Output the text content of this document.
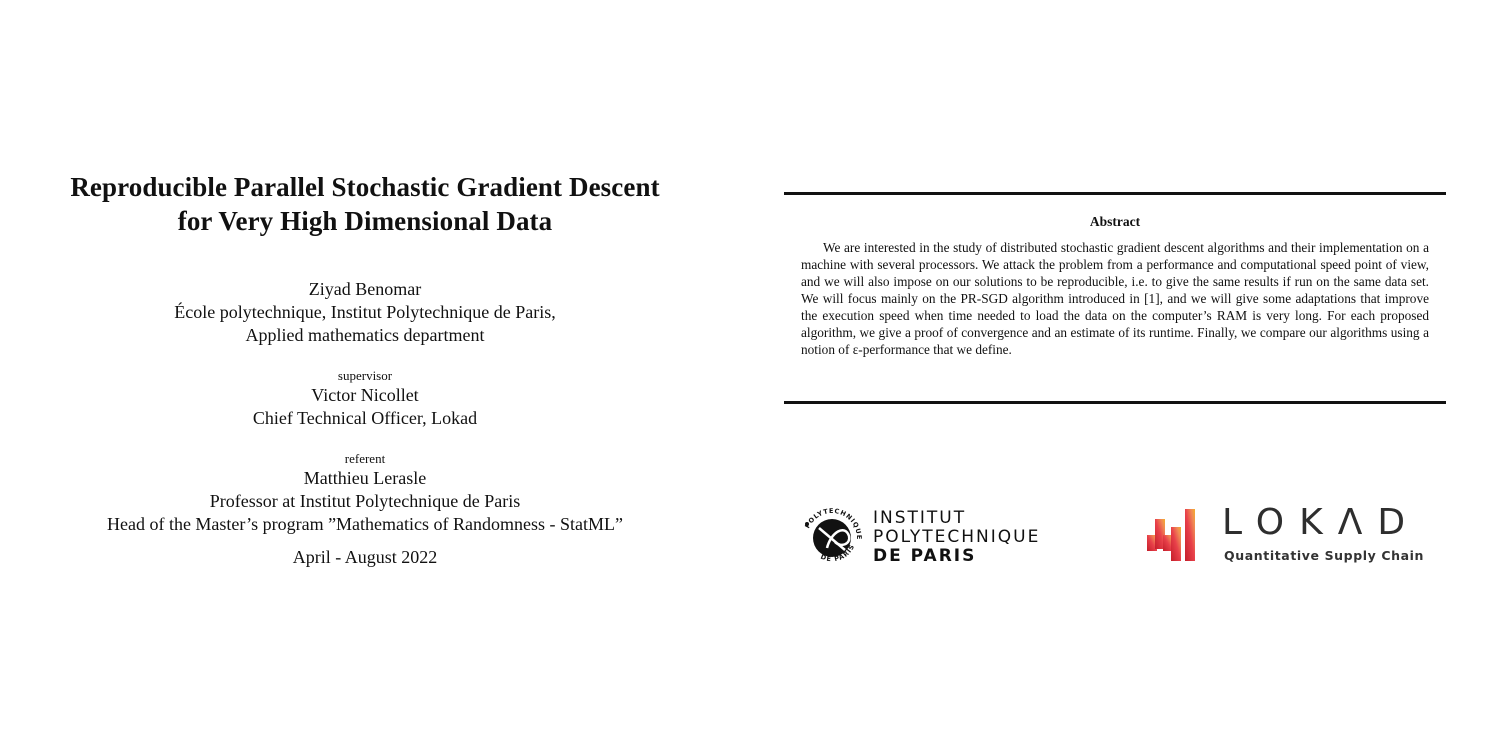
Reproducible Parallel Stochastic Gradient Descent
for Very High Dimensional Data
Ziyad Benomar
École polytechnique, Institut Polytechnique de Paris,
Applied mathematics department
supervisor
Victor Nicollet
Chief Technical Officer, Lokad
referent
Matthieu Lerasle
Professor at Institut Polytechnique de Paris
Head of the Master’s program ”Mathematics of Randomness - StatML”
April - August 2022
Abstract
We are interested in the study of distributed stochastic gradient descent algorithms and their implementation on a machine with several processors. We attack the problem from a performance and computational speed point of view, and we will also impose on our solutions to be reproducible, i.e. to give the same results if run on the same data set. We will focus mainly on the PR-SGD algorithm introduced in [1], and we will give some adaptations that improve the execution speed when time needed to load the data on the computer’s RAM is very long. For each proposed algorithm, we give a proof of convergence and an estimate of its runtime. Finally, we compare our algorithms using a notion of ε-performance that we define.
POLYTECHNIQUE
DE PARIS
INSTITUT
POLYTECHNIQUE
DE PARIS
LOKΛD
Quantitative Supply Chain
